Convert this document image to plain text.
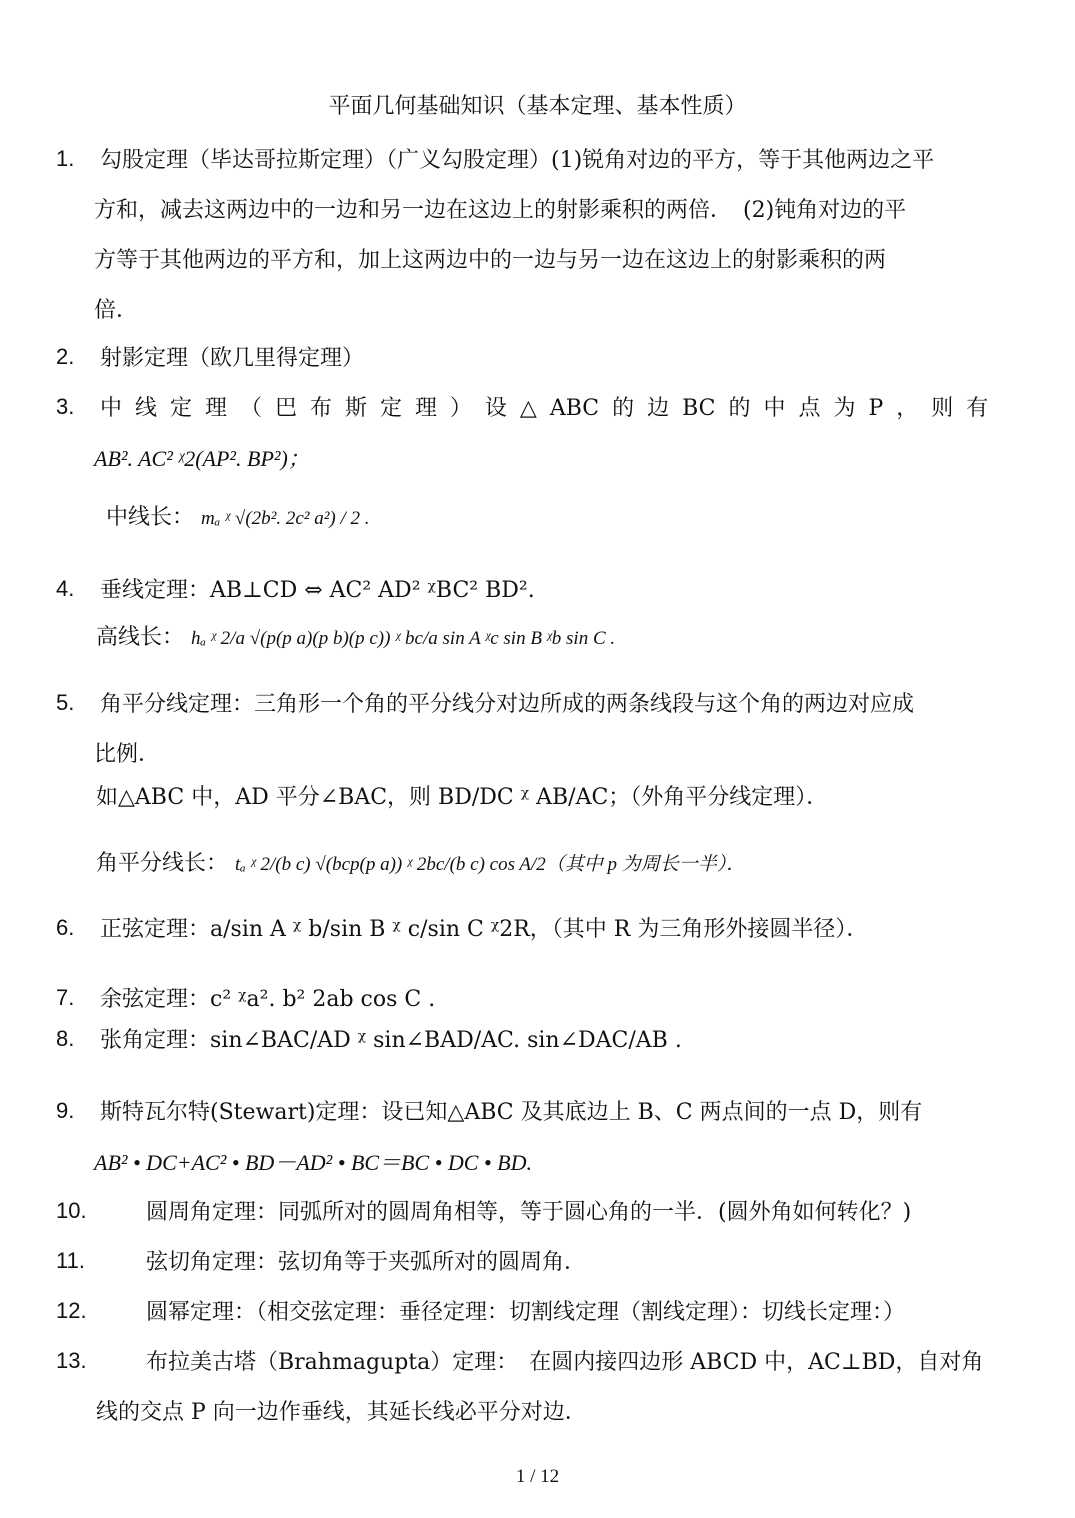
平面几何基础知识（基本定理、基本性质）
1. 勾股定理（毕达哥拉斯定理）（广义勾股定理）(1)锐角对边的平方，等于其他两边之平
方和，减去这两边中的一边和另一边在这边上的射影乘积的两倍．　(2)钝角对边的平
方等于其他两边的平方和，加上这两边中的一边与另一边在这边上的射影乘积的两
倍．
2. 射影定理（欧几里得定理）
3. 中 线 定 理 （ 巴 布 斯 定 理 ） 设 △ ABC 的 边 BC 的 中 点 为 P ， 则 有
AB². AC² ᵡ2(AP². BP²)；
中线长： mₐ ᵡ √(2b². 2c² a²) / 2 .
4. 垂线定理：AB⊥CD ⇔ AC² AD² ᵡBC² BD².
高线长： hₐ ᵡ 2/a √(p(p a)(p b)(p c)) ᵡ bc/a sin A ᵡc sin B ᵡb sin C .
5. 角平分线定理：三角形一个角的平分线分对边所成的两条线段与这个角的两边对应成
比例．
如△ABC 中，AD 平分∠BAC，则 BD/DC ᵡ AB/AC；（外角平分线定理）．
角平分线长： tₐ ᵡ 2/(b c) √(bcp(p a)) ᵡ 2bc/(b c) cos A/2（其中 p 为周长一半）．
6. 正弦定理：a/sin A ᵡ b/sin B ᵡ c/sin C ᵡ2R，（其中 R 为三角形外接圆半径）．
7. 余弦定理：c² ᵡa². b² 2ab cos C .
8. 张角定理：sin∠BAC/AD ᵡ sin∠BAD/AC. sin∠DAC/AB .
9. 斯特瓦尔特(Stewart)定理：设已知△ABC 及其底边上 B、C 两点间的一点 D，则有
AB² • DC+AC² • BD－AD² • BC＝BC • DC • BD.
10.	圆周角定理：同弧所对的圆周角相等，等于圆心角的一半．(圆外角如何转化？)
11.	弦切角定理：弦切角等于夹弧所对的圆周角．
12.	圆幂定理：（相交弦定理：垂径定理：切割线定理（割线定理）：切线长定理：）
13.	布拉美古塔（Brahmagupta）定理：　在圆内接四边形 ABCD 中，AC⊥BD，自对角
线的交点 P 向一边作垂线，其延长线必平分对边．
1 / 12
